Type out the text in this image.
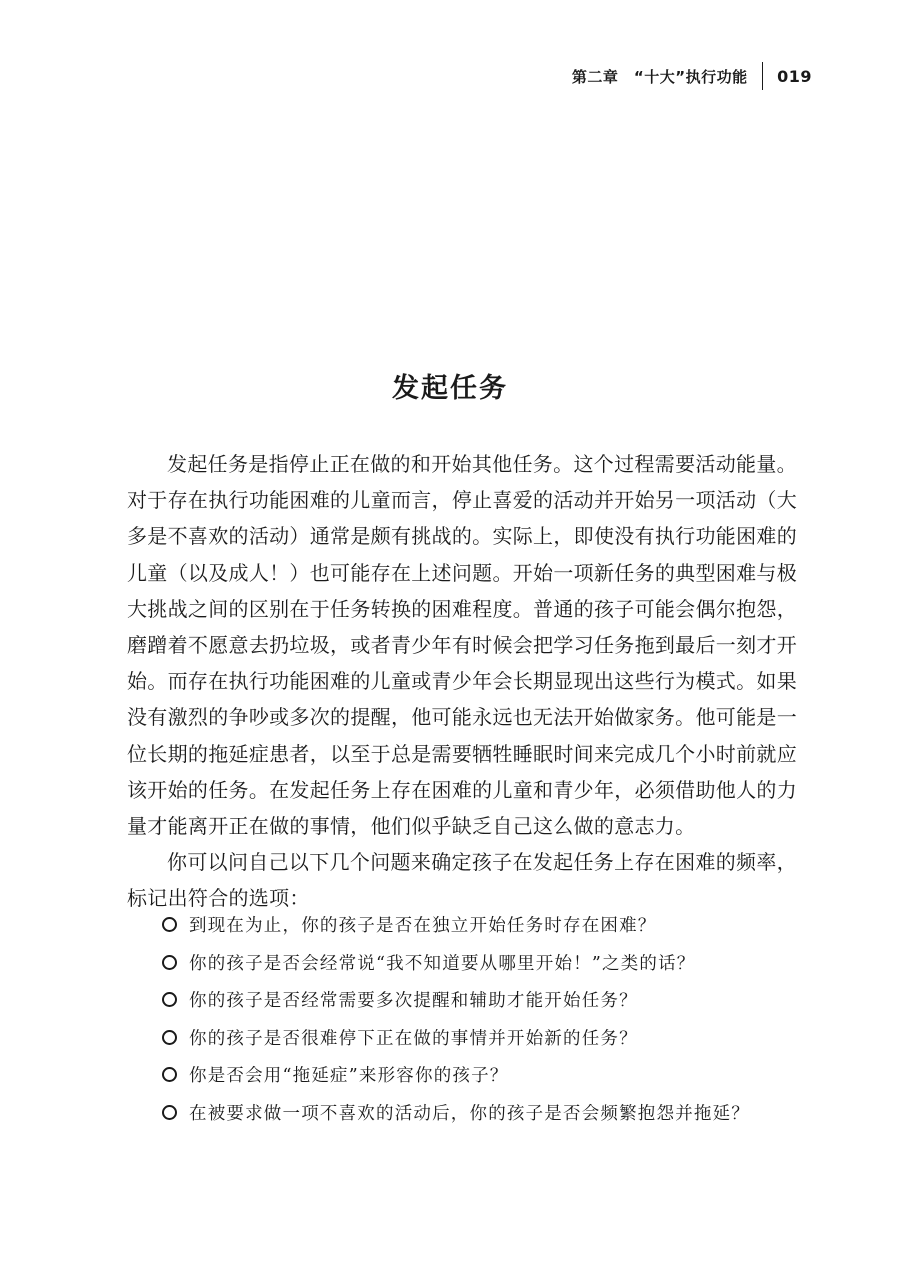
第二章　“十大”执行功能	019
发起任务

发起任务是指停止正在做的和开始其他任务。这个过程需要活动能量。对于存在执行功能困难的儿童而言，停止喜爱的活动并开始另一项活动（大多是不喜欢的活动）通常是颇有挑战的。实际上，即使没有执行功能困难的儿童（以及成人！）也可能存在上述问题。开始一项新任务的典型困难与极大挑战之间的区别在于任务转换的困难程度。普通的孩子可能会偶尔抱怨，磨蹭着不愿意去扔垃圾，或者青少年有时候会把学习任务拖到最后一刻才开始。而存在执行功能困难的儿童或青少年会长期显现出这些行为模式。如果没有激烈的争吵或多次的提醒，他可能永远也无法开始做家务。他可能是一位长期的拖延症患者，以至于总是需要牺牲睡眠时间来完成几个小时前就应该开始的任务。在发起任务上存在困难的儿童和青少年，必须借助他人的力量才能离开正在做的事情，他们似乎缺乏自己这么做的意志力。

你可以问自己以下几个问题来确定孩子在发起任务上存在困难的频率，标记出符合的选项：

到现在为止，你的孩子是否在独立开始任务时存在困难？
你的孩子是否会经常说“我不知道要从哪里开始！”之类的话？
你的孩子是否经常需要多次提醒和辅助才能开始任务？
你的孩子是否很难停下正在做的事情并开始新的任务？
你是否会用“拖延症”来形容你的孩子？
在被要求做一项不喜欢的活动后，你的孩子是否会频繁抱怨并拖延？
